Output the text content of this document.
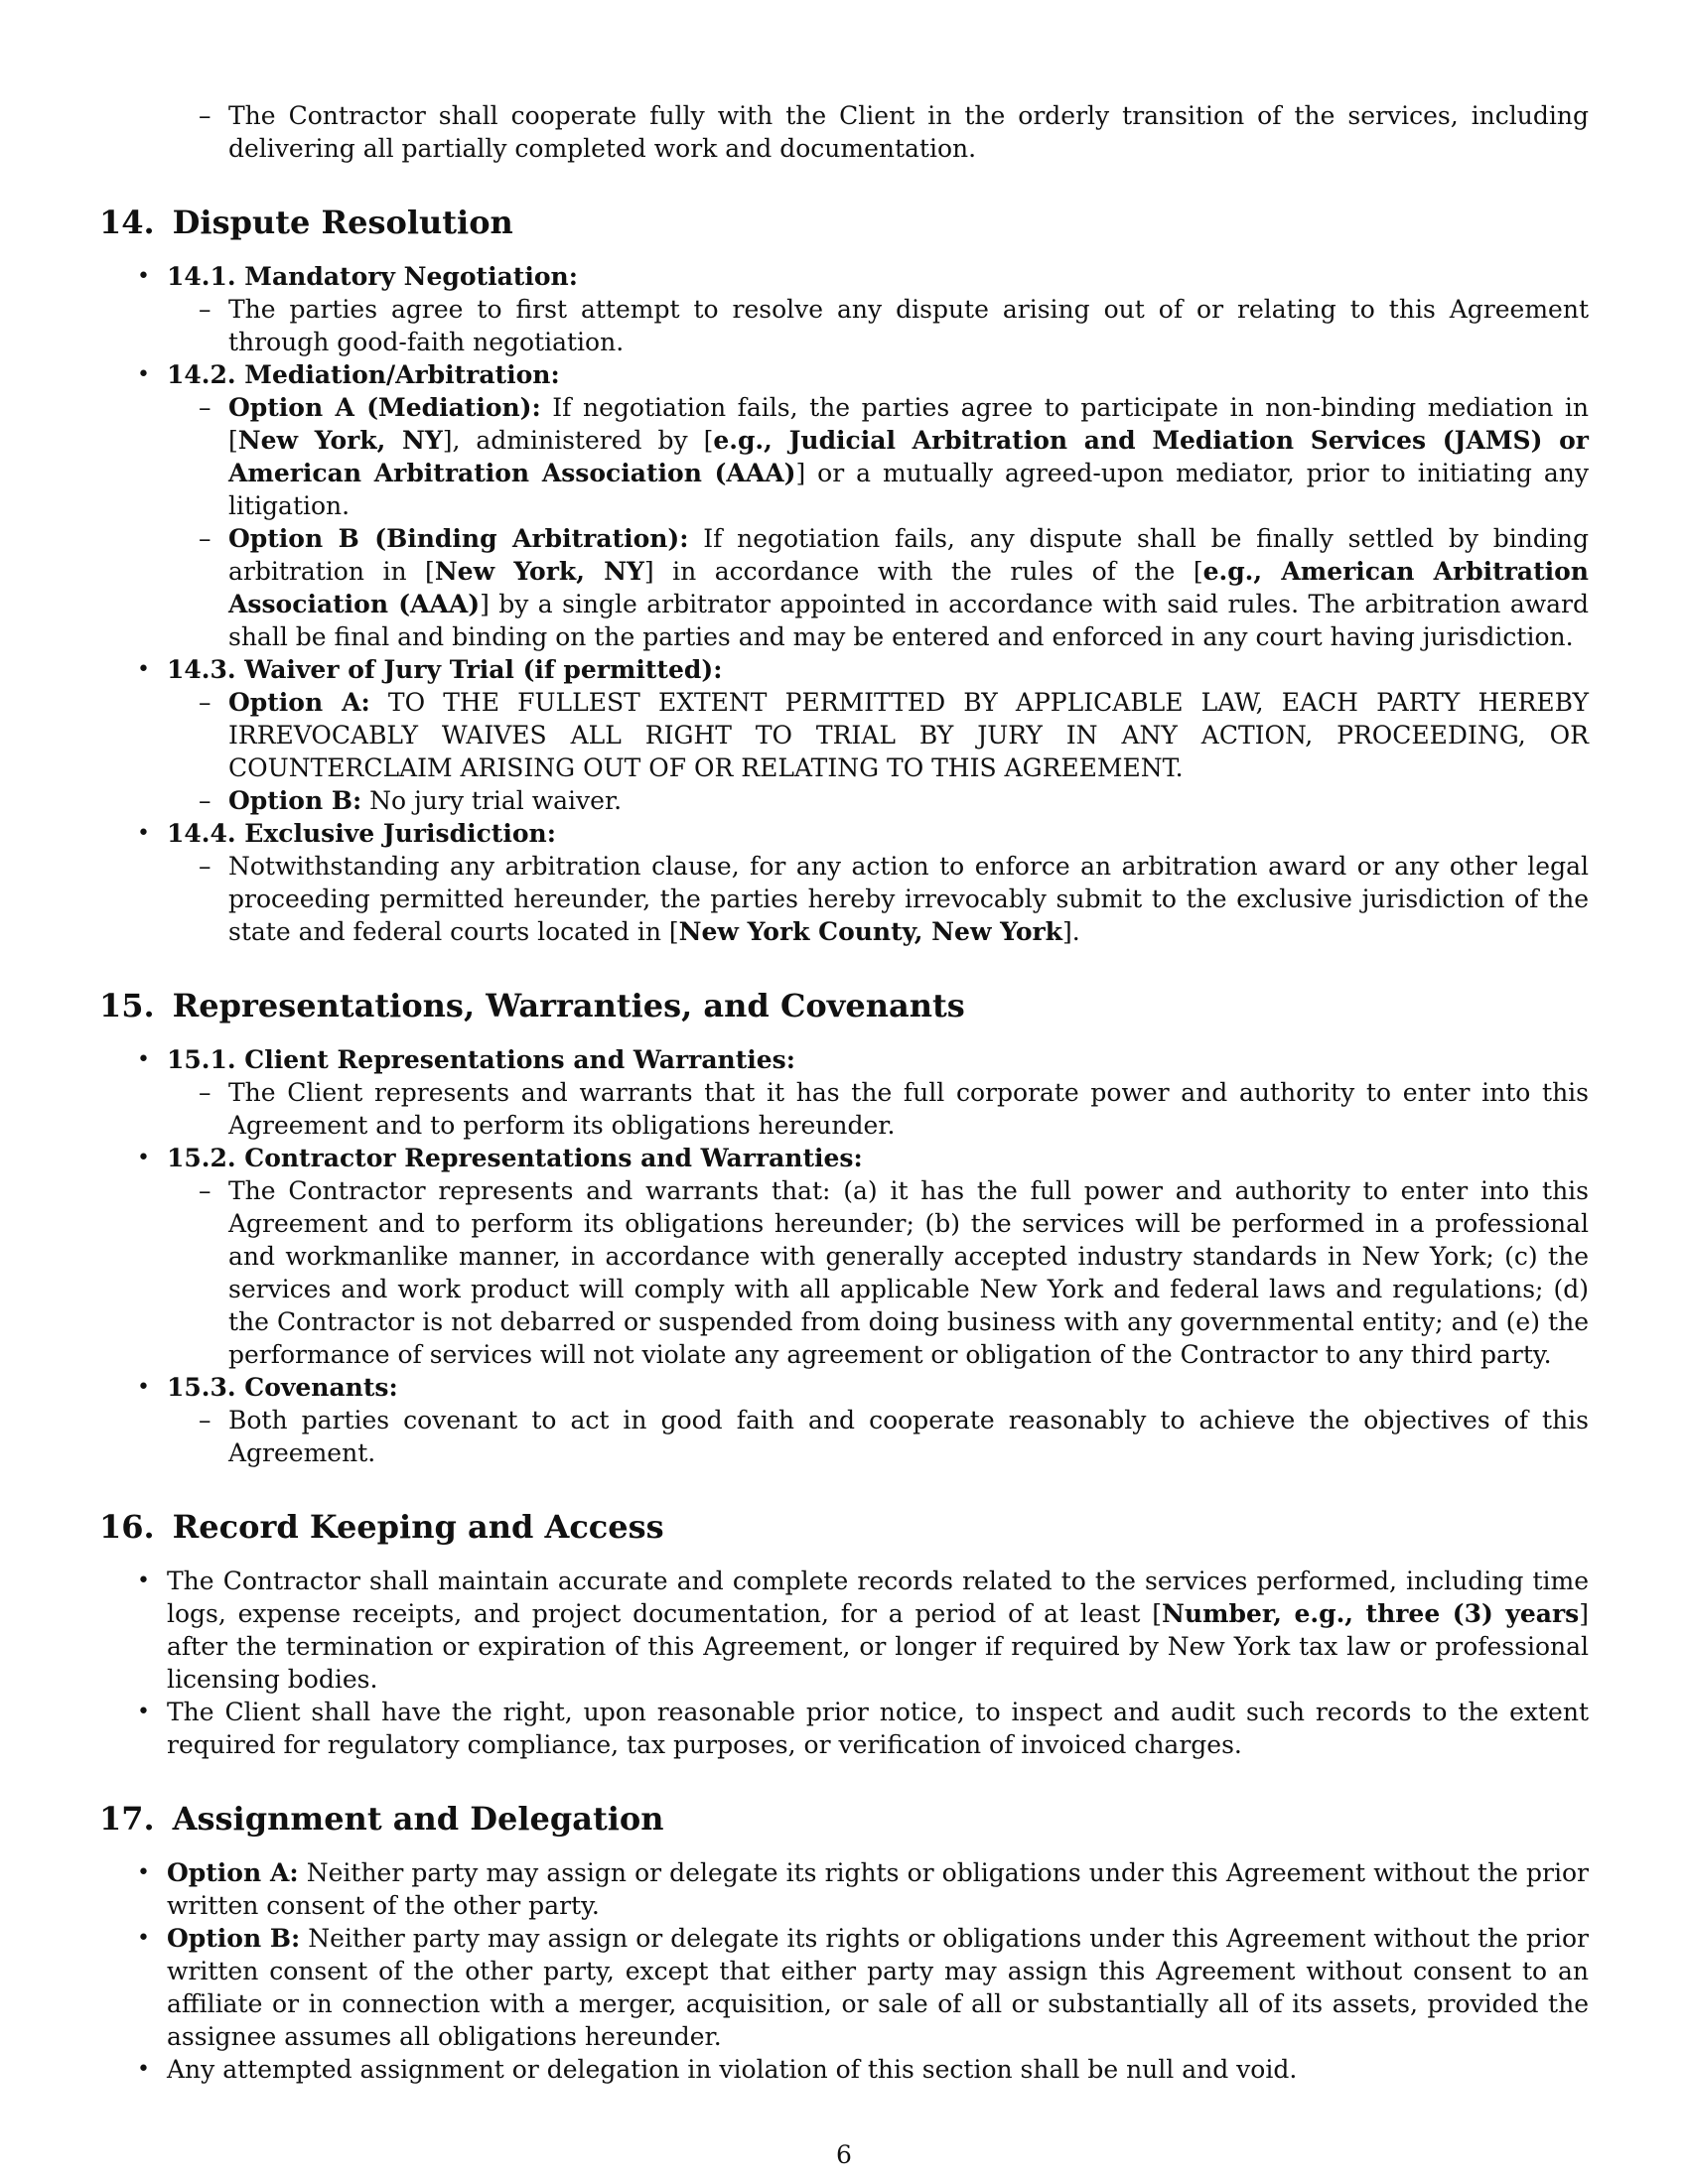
– The Contractor shall cooperate fully with the Client in the orderly transition of the services, including delivering all partially completed work and documentation.

14. Dispute Resolution

• 14.1. Mandatory Negotiation:

– The parties agree to first attempt to resolve any dispute arising out of or relating to this Agreement through good-faith negotiation.

• 14.2. Mediation/Arbitration:

– Option A (Mediation): If negotiation fails, the parties agree to participate in non-binding mediation in [New York, NY], administered by [e.g., Judicial Arbitration and Mediation Services (JAMS) or American Arbitration Association (AAA)] or a mutually agreed-upon mediator, prior to initiating any litigation.

– Option B (Binding Arbitration): If negotiation fails, any dispute shall be finally settled by binding arbitration in [New York, NY] in accordance with the rules of the [e.g., American Arbitration Association (AAA)] by a single arbitrator appointed in accordance with said rules. The arbitration award shall be final and binding on the parties and may be entered and enforced in any court having jurisdiction.

• 14.3. Waiver of Jury Trial (if permitted):

– Option A: TO THE FULLEST EXTENT PERMITTED BY APPLICABLE LAW, EACH PARTY HEREBY IRREVOCABLY WAIVES ALL RIGHT TO TRIAL BY JURY IN ANY ACTION, PROCEEDING, OR COUNTERCLAIM ARISING OUT OF OR RELATING TO THIS AGREEMENT.

– Option B: No jury trial waiver.

• 14.4. Exclusive Jurisdiction:

– Notwithstanding any arbitration clause, for any action to enforce an arbitration award or any other legal proceeding permitted hereunder, the parties hereby irrevocably submit to the exclusive jurisdiction of the state and federal courts located in [New York County, New York].

15. Representations, Warranties, and Covenants

• 15.1. Client Representations and Warranties:

– The Client represents and warrants that it has the full corporate power and authority to enter into this Agreement and to perform its obligations hereunder.

• 15.2. Contractor Representations and Warranties:

– The Contractor represents and warrants that: (a) it has the full power and authority to enter into this Agreement and to perform its obligations hereunder; (b) the services will be performed in a professional and workmanlike manner, in accordance with generally accepted industry standards in New York; (c) the services and work product will comply with all applicable New York and federal laws and regulations; (d) the Contractor is not debarred or suspended from doing business with any governmental entity; and (e) the performance of services will not violate any agreement or obligation of the Contractor to any third party.

• 15.3. Covenants:

– Both parties covenant to act in good faith and cooperate reasonably to achieve the objectives of this Agreement.

16. Record Keeping and Access

• The Contractor shall maintain accurate and complete records related to the services performed, including time logs, expense receipts, and project documentation, for a period of at least [Number, e.g., three (3) years] after the termination or expiration of this Agreement, or longer if required by New York tax law or professional licensing bodies.

• The Client shall have the right, upon reasonable prior notice, to inspect and audit such records to the extent required for regulatory compliance, tax purposes, or verification of invoiced charges.

17. Assignment and Delegation

• Option A: Neither party may assign or delegate its rights or obligations under this Agreement without the prior written consent of the other party.

• Option B: Neither party may assign or delegate its rights or obligations under this Agreement without the prior written consent of the other party, except that either party may assign this Agreement without consent to an affiliate or in connection with a merger, acquisition, or sale of all or substantially all of its assets, provided the assignee assumes all obligations hereunder.

• Any attempted assignment or delegation in violation of this section shall be null and void.

6
